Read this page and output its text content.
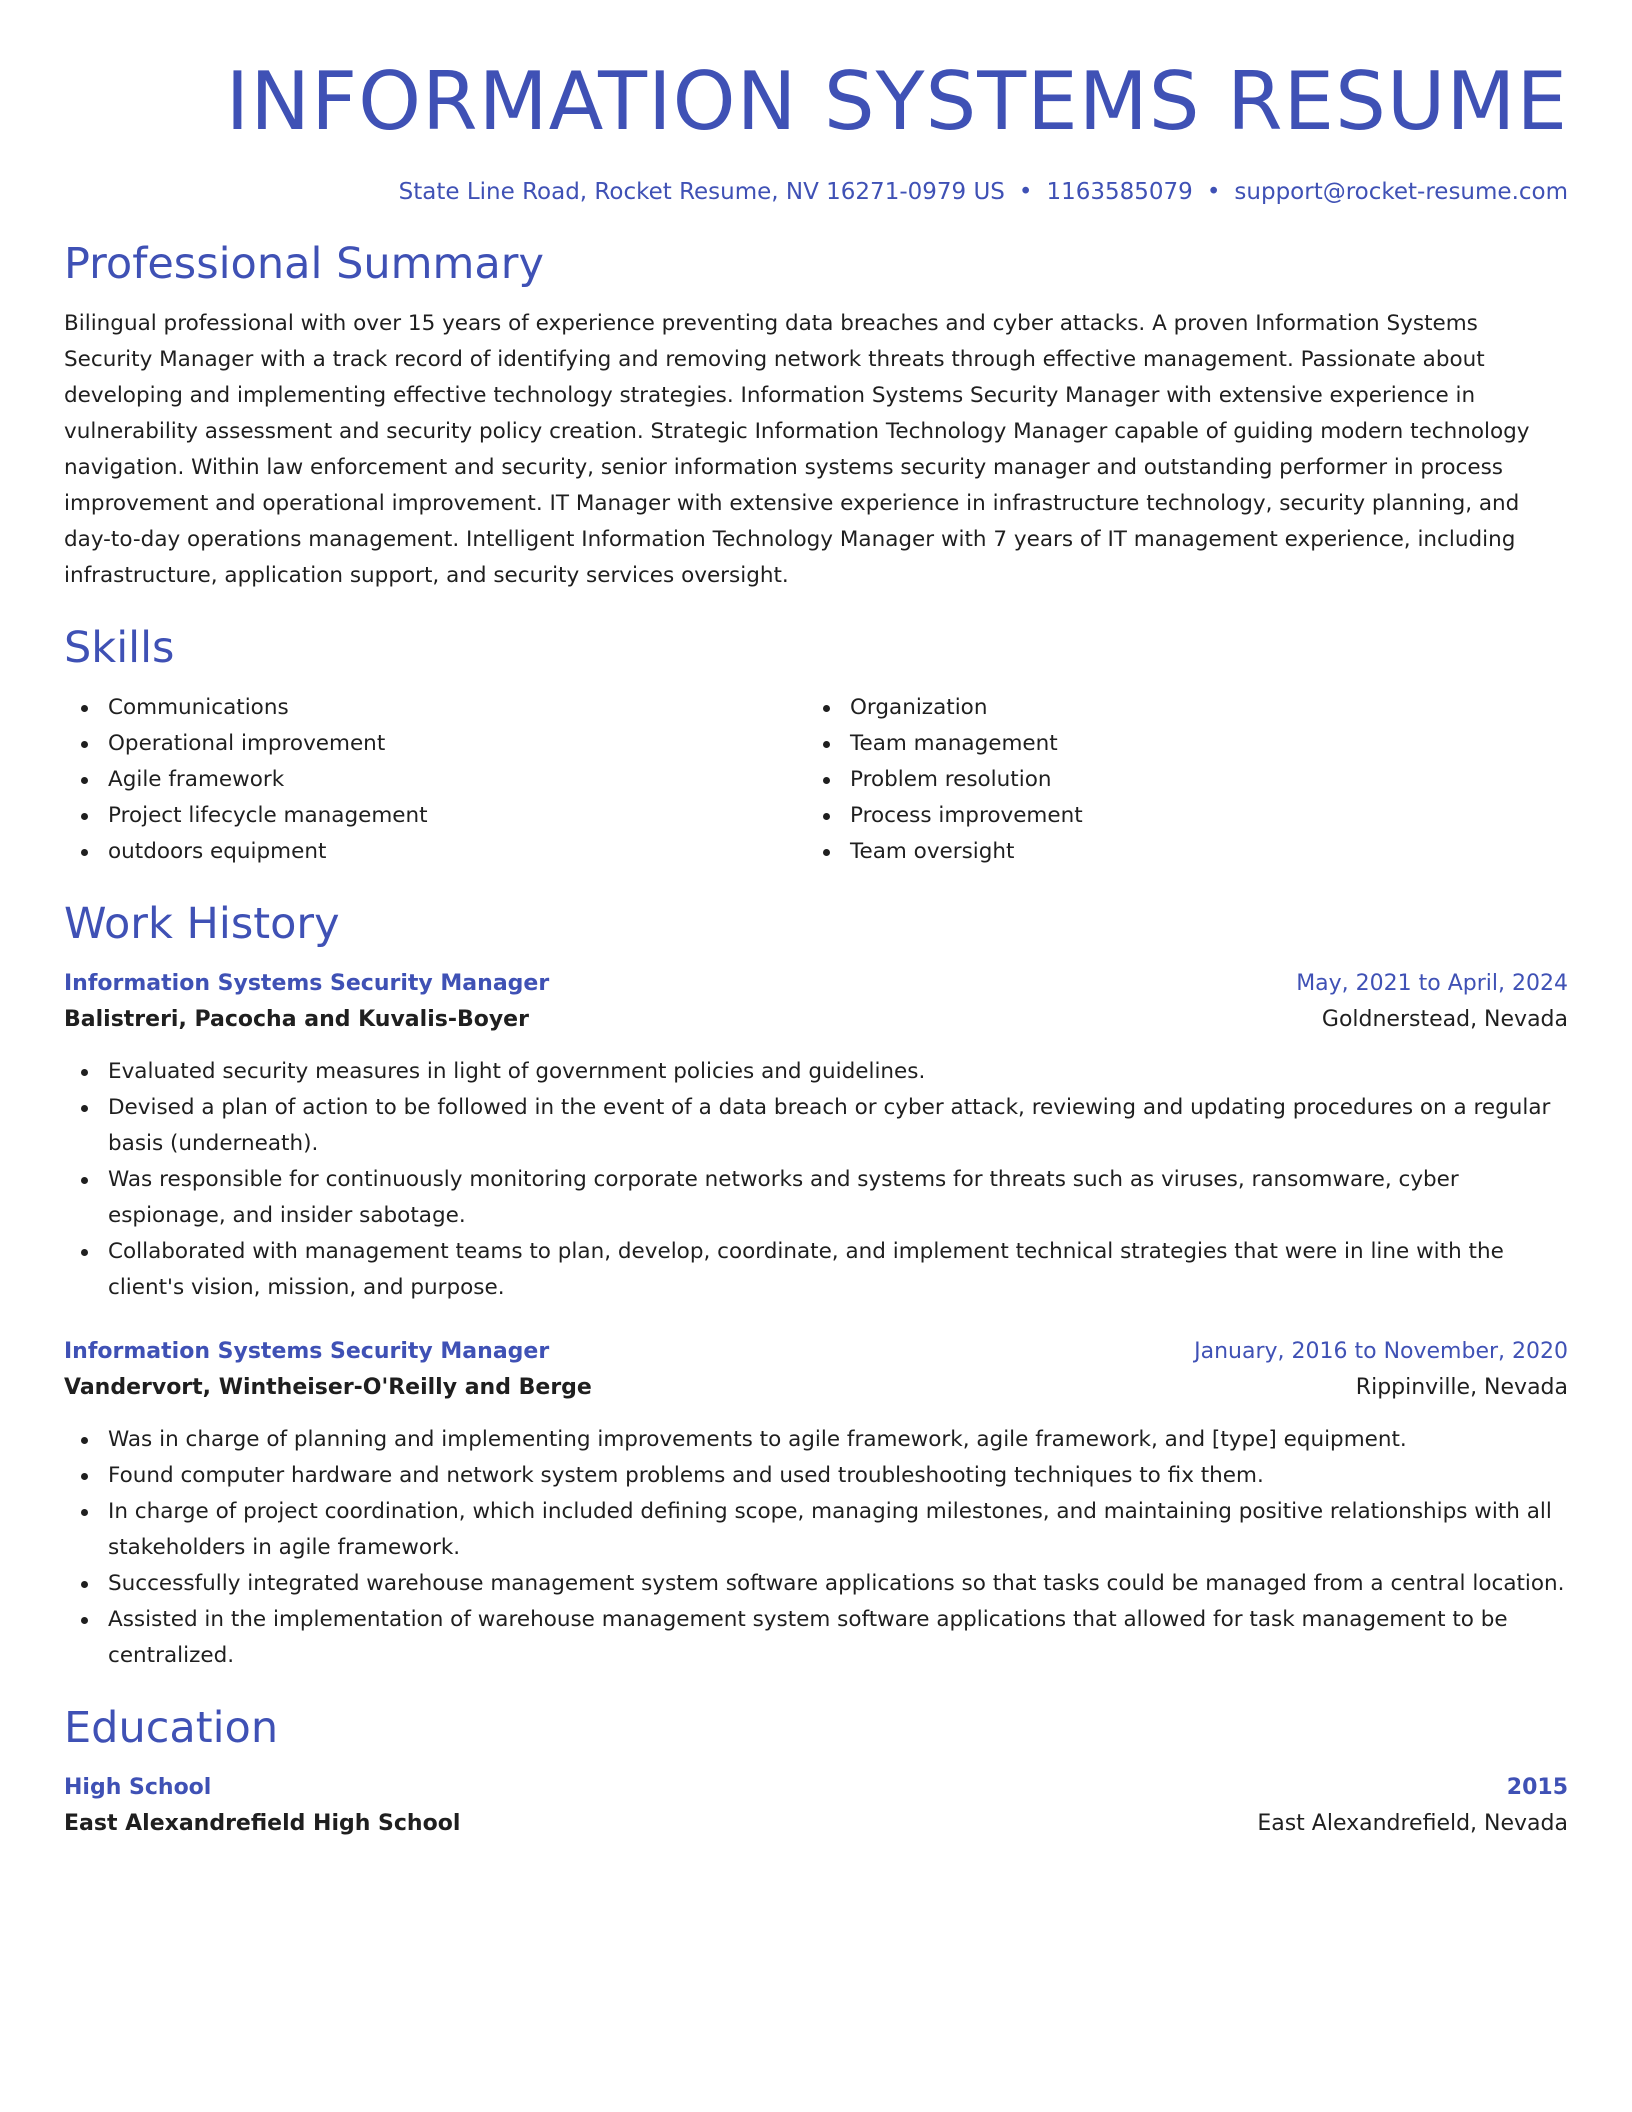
INFORMATION SYSTEMS RESUME
State Line Road, Rocket Resume, NV 16271-0979 US • 1163585079 • support@rocket-resume.com
Professional Summary
Bilingual professional with over 15 years of experience preventing data breaches and cyber attacks. A proven Information Systems Security Manager with a track record of identifying and removing network threats through effective management. Passionate about developing and implementing effective technology strategies. Information Systems Security Manager with extensive experience in vulnerability assessment and security policy creation. Strategic Information Technology Manager capable of guiding modern technology navigation. Within law enforcement and security, senior information systems security manager and outstanding performer in process improvement and operational improvement. IT Manager with extensive experience in infrastructure technology, security planning, and day-to-day operations management. Intelligent Information Technology Manager with 7 years of IT management experience, including infrastructure, application support, and security services oversight.
Skills
Communications
Operational improvement
Agile framework
Project lifecycle management
outdoors equipment
Organization
Team management
Problem resolution
Process improvement
Team oversight
Work History
Information Systems Security Manager	May, 2021 to April, 2024
Balistreri, Pacocha and Kuvalis-Boyer	Goldnerstead, Nevada
Evaluated security measures in light of government policies and guidelines.
Devised a plan of action to be followed in the event of a data breach or cyber attack, reviewing and updating procedures on a regular basis (underneath).
Was responsible for continuously monitoring corporate networks and systems for threats such as viruses, ransomware, cyber espionage, and insider sabotage.
Collaborated with management teams to plan, develop, coordinate, and implement technical strategies that were in line with the client's vision, mission, and purpose.
Information Systems Security Manager	January, 2016 to November, 2020
Vandervort, Wintheiser-O'Reilly and Berge	Rippinville, Nevada
Was in charge of planning and implementing improvements to agile framework, agile framework, and [type] equipment.
Found computer hardware and network system problems and used troubleshooting techniques to fix them.
In charge of project coordination, which included defining scope, managing milestones, and maintaining positive relationships with all stakeholders in agile framework.
Successfully integrated warehouse management system software applications so that tasks could be managed from a central location.
Assisted in the implementation of warehouse management system software applications that allowed for task management to be centralized.
Education
High School	2015
East Alexandrefield High School	East Alexandrefield, Nevada
